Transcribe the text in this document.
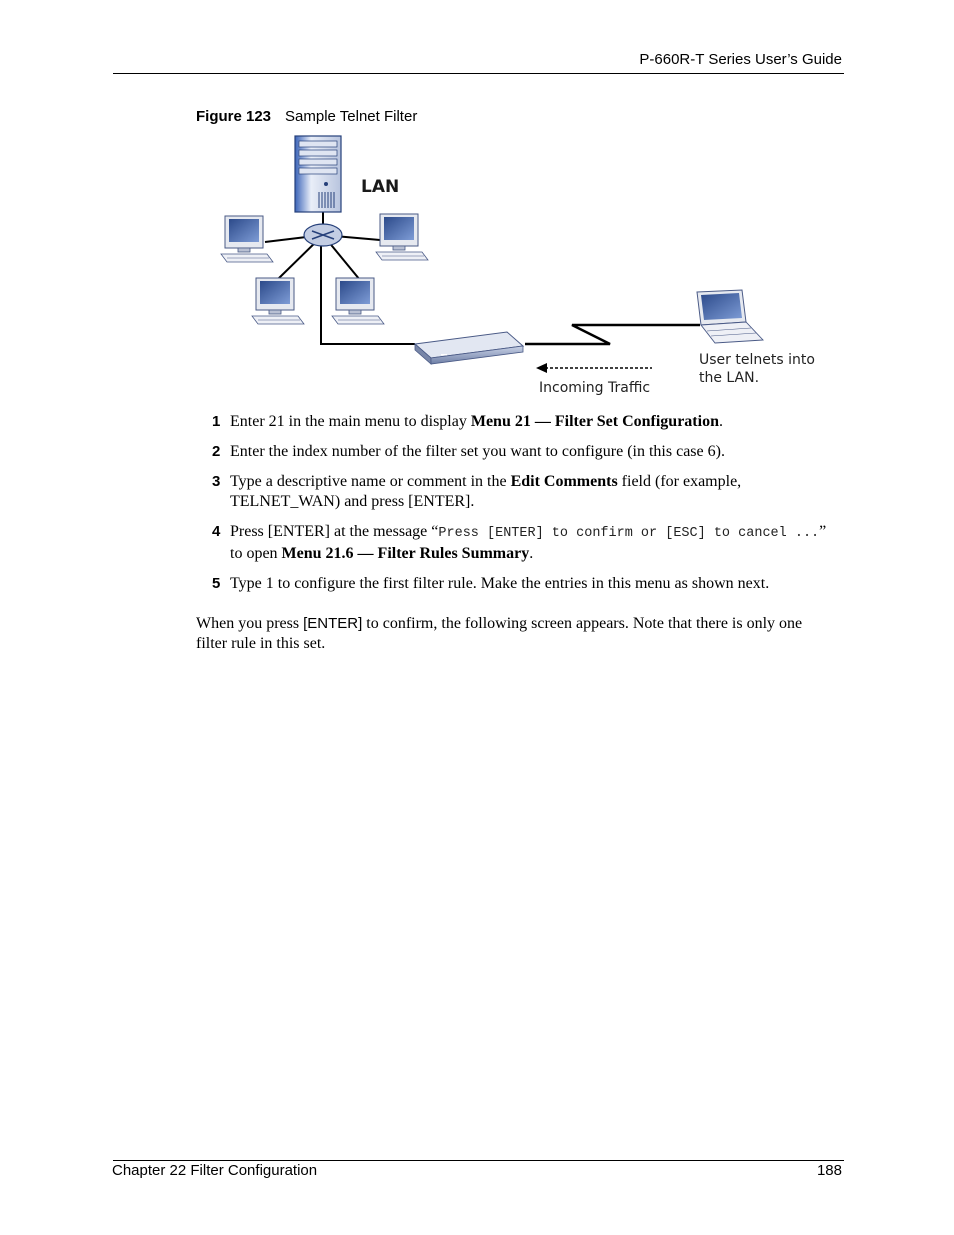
P-660R-T Series User’s Guide
Figure 123 Sample Telnet Filter
LAN
Incoming Traffic
User telnets into
the LAN.
1 Enter 21 in the main menu to display Menu 21 — Filter Set Configuration.
2 Enter the index number of the filter set you want to configure (in this case 6).
3 Type a descriptive name or comment in the Edit Comments field (for example, TELNET_WAN) and press [ENTER].
4 Press [ENTER] at the message “Press [ENTER] to confirm or [ESC] to cancel ...” to open Menu 21.6 — Filter Rules Summary.
5 Type 1 to configure the first filter rule. Make the entries in this menu as shown next.

When you press [ENTER] to confirm, the following screen appears. Note that there is only one filter rule in this set.

Chapter 22 Filter Configuration	188
